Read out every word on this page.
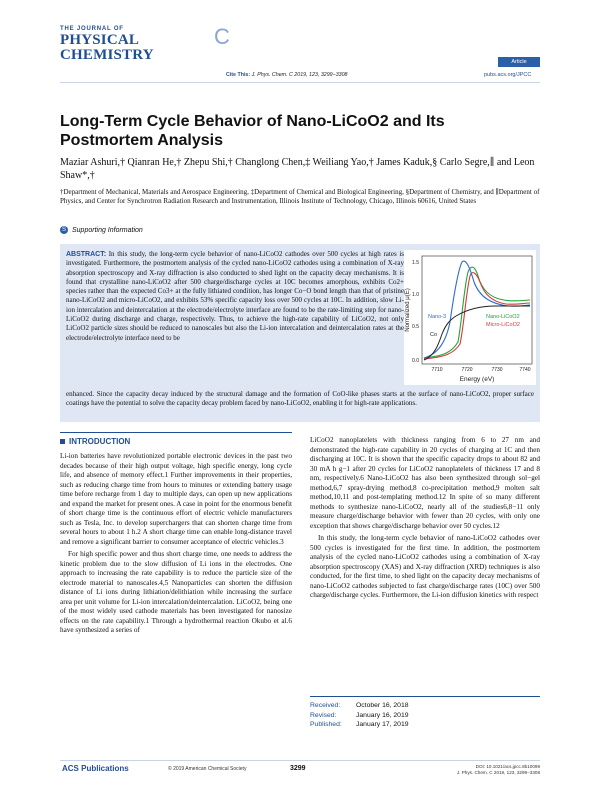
THE JOURNAL OF
PHYSICAL CHEMISTRY
C
Article
Cite This: J. Phys. Chem. C 2019, 123, 3299−3308	pubs.acs.org/JPCC
Long-Term Cycle Behavior of Nano-LiCoO2 and Its Postmortem Analysis
Maziar Ashuri,† Qianran He,† Zhepu Shi,† Changlong Chen,‡ Weiliang Yao,† James Kaduk,§ Carlo Segre,∥ and Leon Shaw*,†
†Department of Mechanical, Materials and Aerospace Engineering, ‡Department of Chemical and Biological Engineering, §Department of Chemistry, and ∥Department of Physics, and Center for Synchrotron Radiation Research and Instrumentation, Illinois Institute of Technology, Chicago, Illinois 60616, United States
S Supporting Information
ABSTRACT: In this study, the long-term cycle behavior of nano-LiCoO2 cathodes over 500 cycles at high rates is investigated. Furthermore, the postmortem analysis of the cycled nano-LiCoO2 cathodes using a combination of X-ray absorption spectroscopy and X-ray diffraction is also conducted to shed light on the capacity decay mechanisms. It is found that crystalline nano-LiCoO2 after 500 charge/discharge cycles at 10C becomes amorphous, exhibits Co2+ species rather than the expected Co3+ at the fully lithiated condition, has longer Co−O bond length than that of pristine nano-LiCoO2 and micro-LiCoO2, and exhibits 53% specific capacity loss over 500 cycles at 10C. In addition, slow Li-ion intercalation and deintercalation at the electrode/electrolyte interface are found to be the rate-limiting step for nano-LiCoO2 during discharge and charge, respectively. Thus, to achieve the high-rate capability of LiCoO2, not only LiCoO2 particle sizes should be reduced to nanoscales but also the Li-ion intercalation and deintercalation rates at the electrode/electrolyte interface need to be
enhanced. Since the capacity decay induced by the structural damage and the formation of CoO-like phases starts at the surface of nano-LiCoO2, proper surface coatings have the potential to solve the capacity decay problem faced by nano-LiCoO2, enabling it for high-rate applications.
1.5
1.0
0.5
0.0
7710	7720	7730	7740
Energy (eV)
Normalized μ(E)	Nano-3	Nano-LiCoO2
Micro-LiCoO2
Co
INTRODUCTION

Li-ion batteries have revolutionized portable electronic devices in the past two decades because of their high output voltage, high specific energy, long cycle life, and absence of memory effect.1 Further improvements in their properties, such as reducing charge time from hours to minutes or extending battery usage time before recharge from 1 day to multiple days, can open up new applications and expand the market for present ones. A case in point for the enormous benefit of short charge time is the continuous effort of electric vehicle manufacturers such as Tesla, Inc. to develop superchargers that can shorten charge time from several hours to about 1 h.2 A short charge time can enable long-distance travel and remove a significant barrier to consumer acceptance of electric vehicles.3

For high specific power and thus short charge time, one needs to address the kinetic problem due to the slow diffusion of Li ions in the electrodes. One approach to increasing the rate capability is to reduce the particle size of the electrode material to nanoscales.4,5 Nanoparticles can shorten the diffusion distance of Li ions during lithiation/delithiation while increasing the surface area per unit volume for Li-ion intercalation/deintercalation. LiCoO2, being one of the most widely used cathode materials has been investigated for nanosize effects on the rate capability.1 Through a hydrothermal reaction Okubo et al.6 have synthesized a series of

LiCoO2 nanoplatelets with thickness ranging from 6 to 27 nm and demonstrated the high-rate capability in 20 cycles of charging at 1C and then discharging at 10C. It is shown that the specific capacity drops to about 82 and 30 mA h g−1 after 20 cycles for LiCoO2 nanoplatelets of thickness 17 and 8 nm, respectively.6 Nano-LiCoO2 has also been synthesized through sol−gel method,6,7 spray-drying method,8 co-precipitation method,9 molten salt method,10,11 and post-templating method.12 In spite of so many different methods to synthesize nano-LiCoO2, nearly all of the studies6,8−11 only measure charge/discharge behavior with fewer than 20 cycles, with only one exception that shows charge/discharge behavior over 50 cycles.12

In this study, the long-term cycle behavior of nano-LiCoO2 cathodes over 500 cycles is investigated for the first time. In addition, the postmortem analysis of the cycled nano-LiCoO2 cathodes using a combination of X-ray absorption spectroscopy (XAS) and X-ray diffraction (XRD) techniques is also conducted, for the first time, to shed light on the capacity decay mechanisms of nano-LiCoO2 cathodes subjected to fast charge/discharge rates (10C) over 500 charge/discharge cycles. Furthermore, the Li-ion diffusion kinetics with respect

Received: October 16, 2018
Revised:	January 16, 2019
Published: January 17, 2019
ACS Publications	© 2019 American Chemical Society	3299	DOI: 10.1021/acs.jpcc.8b10099
J. Phys. Chem. C 2019, 123, 3299−3308
